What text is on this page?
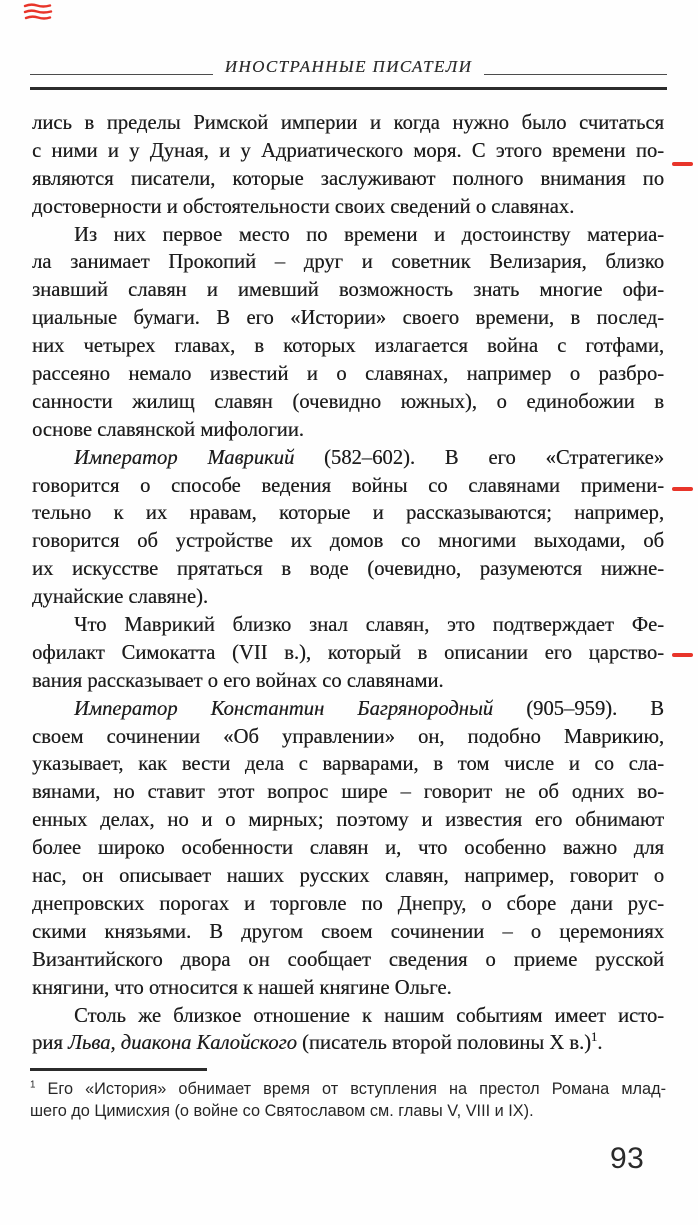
ИНОСТРАННЫЕ ПИСАТЕЛИ
лись в пределы Римской империи и когда нужно было считаться
с ними и у Дуная, и у Адриатического моря. С этого времени по-
являются писатели, которые заслуживают полного внимания по
достоверности и обстоятельности своих сведений о славянах.
Из них первое место по времени и достоинству материа-
ла занимает Прокопий – друг и советник Велизария, близко
знавший славян и имевший возможность знать многие офи-
циальные бумаги. В его «Истории» своего времени, в послед-
них четырех главах, в которых излагается война с готфами,
рассеяно немало известий и о славянах, например о разбро-
санности жилищ славян (очевидно южных), о единобожии в
основе славянской мифологии.
Император Маврикий (582–602). В его «Стратегике»
говорится о способе ведения войны со славянами примени-
тельно к их нравам, которые и рассказываются; например,
говорится об устройстве их домов со многими выходами, об
их искусстве прятаться в воде (очевидно, разумеются нижне-
дунайские славяне).
Что Маврикий близко знал славян, это подтверждает Фе-
офилакт Симокатта (VII в.), который в описании его царство-
вания рассказывает о его войнах со славянами.
Император Константин Багрянородный (905–959). В
своем сочинении «Об управлении» он, подобно Маврикию,
указывает, как вести дела с варварами, в том числе и со сла-
вянами, но ставит этот вопрос шире – говорит не об одних во-
енных делах, но и о мирных; поэтому и известия его обнимают
более широко особенности славян и, что особенно важно для
нас, он описывает наших русских славян, например, говорит о
днепровских порогах и торговле по Днепру, о сборе дани рус-
скими князьями. В другом своем сочинении – о церемониях
Византийского двора он сообщает сведения о приеме русской
княгини, что относится к нашей княгине Ольге.
Столь же близкое отношение к нашим событиям имеет исто-
рия Льва, диакона Калойского (писатель второй половины X в.)$^1$.
$^1$ Его «История» обнимает время от вступления на престол Романа млад-
шего до Цимисхия (о войне со Святославом см. главы V, VIII и IX).
93
